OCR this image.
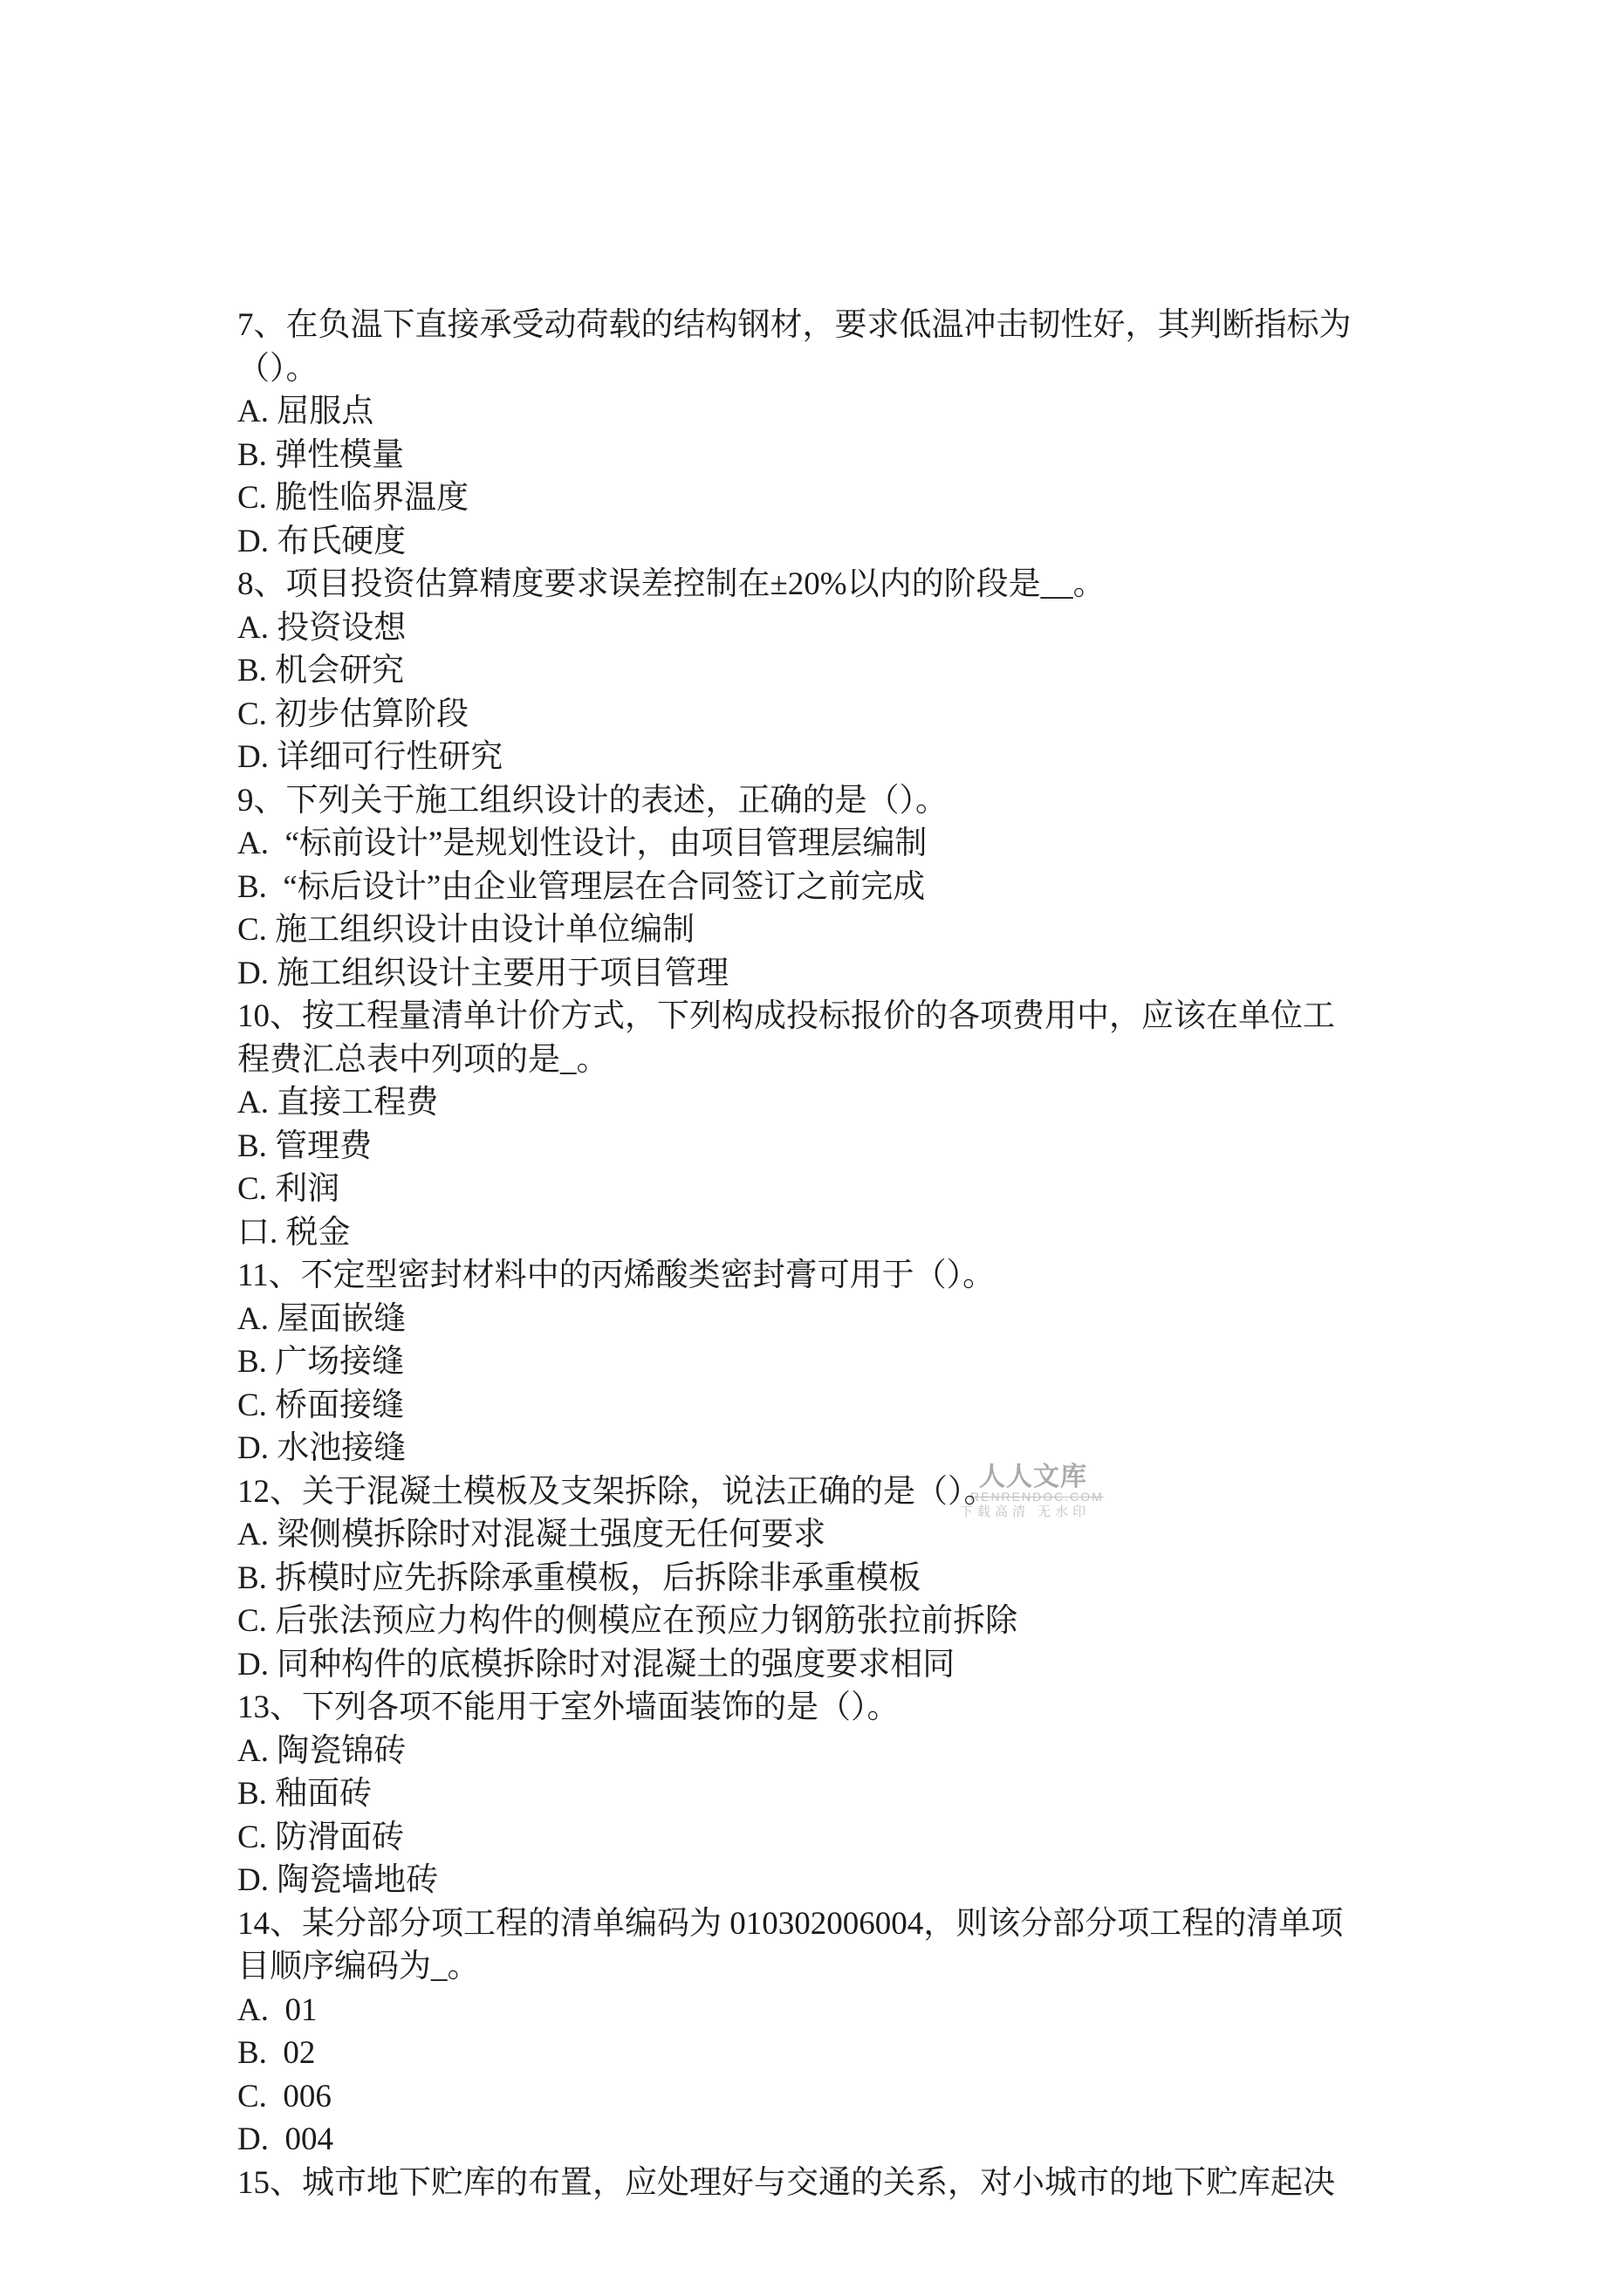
人人文库
RENRENDOC.COM
下载高清 无水印

7、在负温下直接承受动荷载的结构钢材，要求低温冲击韧性好，其判断指标为
（）。
A. 屈服点
B. 弹性模量
C. 脆性临界温度
D. 布氏硬度
8、项目投资估算精度要求误差控制在±20%以内的阶段是__。
A. 投资设想
B. 机会研究
C. 初步估算阶段
D. 详细可行性研究
9、下列关于施工组织设计的表述，正确的是（）。
A.  “标前设计”是规划性设计，由项目管理层编制
B.  “标后设计”由企业管理层在合同签订之前完成
C. 施工组织设计由设计单位编制
D. 施工组织设计主要用于项目管理
10、按工程量清单计价方式，下列构成投标报价的各项费用中，应该在单位工
程费汇总表中列项的是_。
A. 直接工程费
B. 管理费
C. 利润
口. 税金
11、不定型密封材料中的丙烯酸类密封膏可用于（）。
A. 屋面嵌缝
B. 广场接缝
C. 桥面接缝
D. 水池接缝
12、关于混凝土模板及支架拆除，说法正确的是（）。
A. 梁侧模拆除时对混凝土强度无任何要求
B. 拆模时应先拆除承重模板，后拆除非承重模板
C. 后张法预应力构件的侧模应在预应力钢筋张拉前拆除
D. 同种构件的底模拆除时对混凝土的强度要求相同
13、下列各项不能用于室外墙面装饰的是（）。
A. 陶瓷锦砖
B. 釉面砖
C. 防滑面砖
D. 陶瓷墙地砖
14、某分部分项工程的清单编码为 010302006004，则该分部分项工程的清单项
目顺序编码为_。
A.  01
B.  02
C.  006
D.  004
15、城市地下贮库的布置，应处理好与交通的关系，对小城市的地下贮库起决
